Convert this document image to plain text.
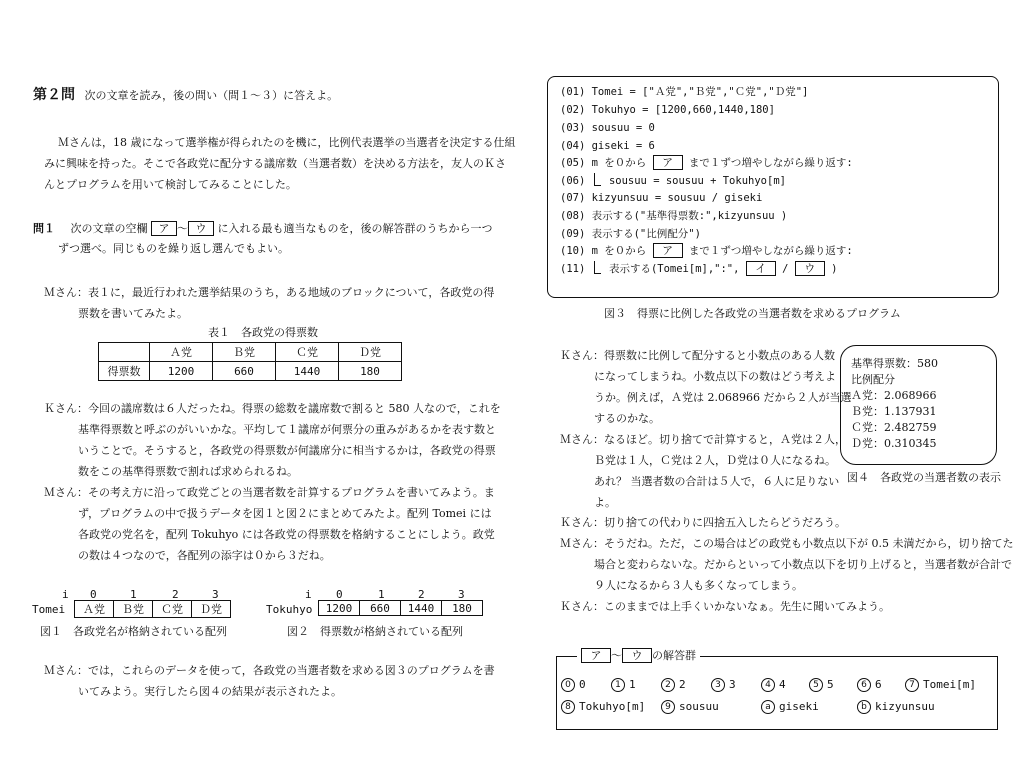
第２問 次の文章を読み，後の問い（問１～３）に答えよ。
Ｍさんは，18 歳になって選挙権が得られたのを機に，比例代表選挙の当選者を決定する仕組
みに興味を持った。そこで各政党に配分する議席数（当選者数）を決める方法を，友人のＫさ
んとプログラムを用いて検討してみることにした。
問１ 次の文章の空欄 ア ～ ウ に入れる最も適当なものを，後の解答群のうちから一つ
ずつ選べ。同じものを繰り返し選んでもよい。
Ｍさん：表１に，最近行われた選挙結果のうち，ある地域のブロックについて，各政党の得
票数を書いてみたよ。
表１　各政党の得票数
	Ａ党	Ｂ党	Ｃ党	Ｄ党
得票数	1200	660	1440	180
Ｋさん：今回の議席数は６人だったね。得票の総数を議席数で割ると 580 人なので，これを
基準得票数と呼ぶのがいいかな。平均して１議席が何票分の重みがあるかを表す数と
いうことで。そうすると，各政党の得票数が何議席分に相当するかは，各政党の得票
数をこの基準得票数で割れば求められるね。
Ｍさん：その考え方に沿って政党ごとの当選者数を計算するプログラムを書いてみよう。ま
ず，プログラムの中で扱うデータを図１と図２にまとめてみたよ。配列 Tomei には
各政党の党名を，配列 Tokuhyo には各政党の得票数を格納することにしよう。政党
の数は４つなので，各配列の添字は０から３だね。
i 0	1	2	3
Tomei Ａ党	Ｂ党	Ｃ党	Ｄ党
図１　各政党名が格納されている配列
i 0	1	2	3
Tokuhyo 1200	660	1440	180
図２　得票数が格納されている配列
Ｍさん：では，これらのデータを使って，各政党の当選者数を求める図３のプログラムを書
いてみよう。実行したら図４の結果が表示されたよ。
(01) Tomei = ["Ａ党","Ｂ党","Ｃ党","Ｄ党"]
(02) Tokuhyo = [1200,660,1440,180]
(03) sousuu = 0
(04) giseki = 6
(05) m を０から ア まで１ずつ増やしながら繰り返す:
(06) sousuu = sousuu + Tokuhyo[m]
(07) kizyunsuu = sousuu / giseki
(08) 表示する("基準得票数:",kizyunsuu )
(09) 表示する("比例配分")
(10) m を０から ア まで１ずつ増やしながら繰り返す:
(11) 表示する(Tomei[m],":", イ / ウ )
図３　得票に比例した各政党の当選者数を求めるプログラム
Ｋさん：得票数に比例して配分すると小数点のある人数
になってしまうね。小数点以下の数はどう考えよ
うか。例えば，Ａ党は 2.068966 だから２人が当選
するのかな。
Ｍさん：なるほど。切り捨てで計算すると，Ａ党は２人，
Ｂ党は１人，Ｃ党は２人，Ｄ党は０人になるね。
あれ？ 当選者数の合計は５人で，６人に足りない
よ。
基準得票数：580
比例配分
Ａ党：2.068966
Ｂ党：1.137931
Ｃ党：2.482759
Ｄ党：0.310345
図４　各政党の当選者数の表示
Ｋさん：切り捨ての代わりに四捨五入したらどうだろう。
Ｍさん：そうだね。ただ，この場合はどの政党も小数点以下が 0.5 未満だから，切り捨てた
場合と変わらないな。だからといって小数点以下を切り上げると，当選者数が合計で
９人になるから３人も多くなってしまう。
Ｋさん：このままでは上手くいかないなぁ。先生に聞いてみよう。
ア ～ ウ の解答群
0 0	1 1	2 2	3 3	4 4	5 5	6 6	7 Tomei[m]
8 Tokuhyo[m]	9 sousuu	a giseki	b kizyunsuu
